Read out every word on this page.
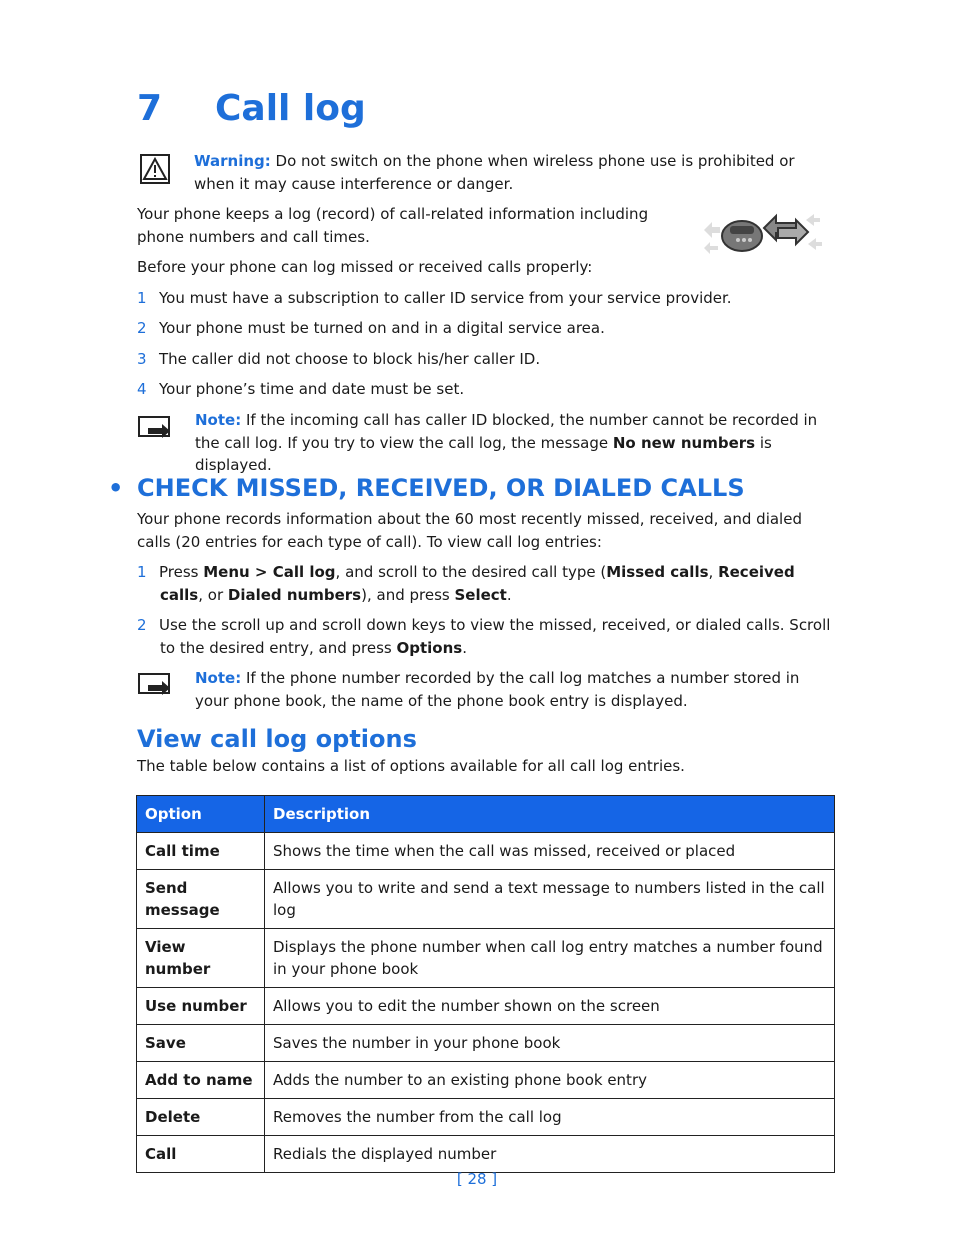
7 Call log
Warning: Do not switch on the phone when wireless phone use is prohibited or when it may cause interference or danger.
Your phone keeps a log (record) of call-related information including phone numbers and call times.
Before your phone can log missed or received calls properly:
1 You must have a subscription to caller ID service from your service provider.
2 Your phone must be turned on and in a digital service area.
3 The caller did not choose to block his/her caller ID.
4 Your phone’s time and date must be set.
Note: If the incoming call has caller ID blocked, the number cannot be recorded in the call log. If you try to view the call log, the message No new numbers is displayed.
• CHECK MISSED, RECEIVED, OR DIALED CALLS
Your phone records information about the 60 most recently missed, received, and dialed calls (20 entries for each type of call). To view call log entries:
1 Press Menu > Call log, and scroll to the desired call type (Missed calls, Received calls, or Dialed numbers), and press Select.
2 Use the scroll up and scroll down keys to view the missed, received, or dialed calls. Scroll to the desired entry, and press Options.
Note: If the phone number recorded by the call log matches a number stored in your phone book, the name of the phone book entry is displayed.
View call log options
The table below contains a list of options available for all call log entries.
Option	Description
Call time	Shows the time when the call was missed, received or placed
Send message	Allows you to write and send a text message to numbers listed in the call log
View number	Displays the phone number when call log entry matches a number found in your phone book
Use number	Allows you to edit the number shown on the screen
Save	Saves the number in your phone book
Add to name	Adds the number to an existing phone book entry
Delete	Removes the number from the call log
Call	Redials the displayed number
[ 28 ]
